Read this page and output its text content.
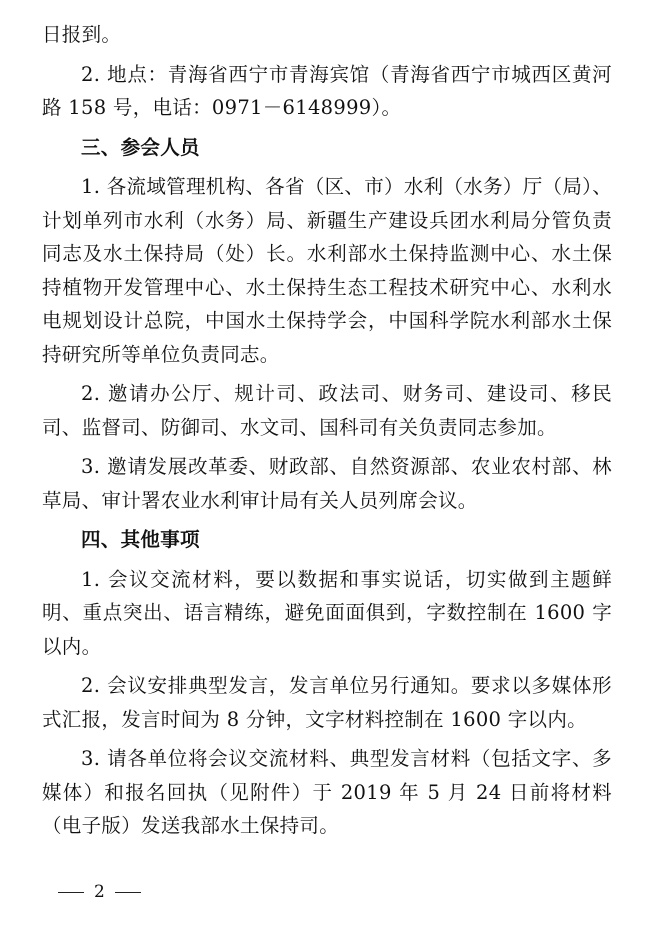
日报到。

2. 地点：青海省西宁市青海宾馆（青海省西宁市城西区黄河路 158 号，电话：0971－6148999）。

三、参会人员

1. 各流域管理机构、各省（区、市）水利（水务）厅（局）、计划单列市水利（水务）局、新疆生产建设兵团水利局分管负责同志及水土保持局（处）长。水利部水土保持监测中心、水土保持植物开发管理中心、水土保持生态工程技术研究中心、水利水电规划设计总院，中国水土保持学会，中国科学院水利部水土保持研究所等单位负责同志。

2. 邀请办公厅、规计司、政法司、财务司、建设司、移民司、监督司、防御司、水文司、国科司有关负责同志参加。

3. 邀请发展改革委、财政部、自然资源部、农业农村部、林草局、审计署农业水利审计局有关人员列席会议。

四、其他事项

1. 会议交流材料，要以数据和事实说话，切实做到主题鲜明、重点突出、语言精练，避免面面俱到，字数控制在 1600 字以内。

2. 会议安排典型发言，发言单位另行通知。要求以多媒体形式汇报，发言时间为 8 分钟，文字材料控制在 1600 字以内。

3. 请各单位将会议交流材料、典型发言材料（包括文字、多媒体）和报名回执（见附件）于 2019 年 5 月 24 日前将材料（电子版）发送我部水土保持司。

2
